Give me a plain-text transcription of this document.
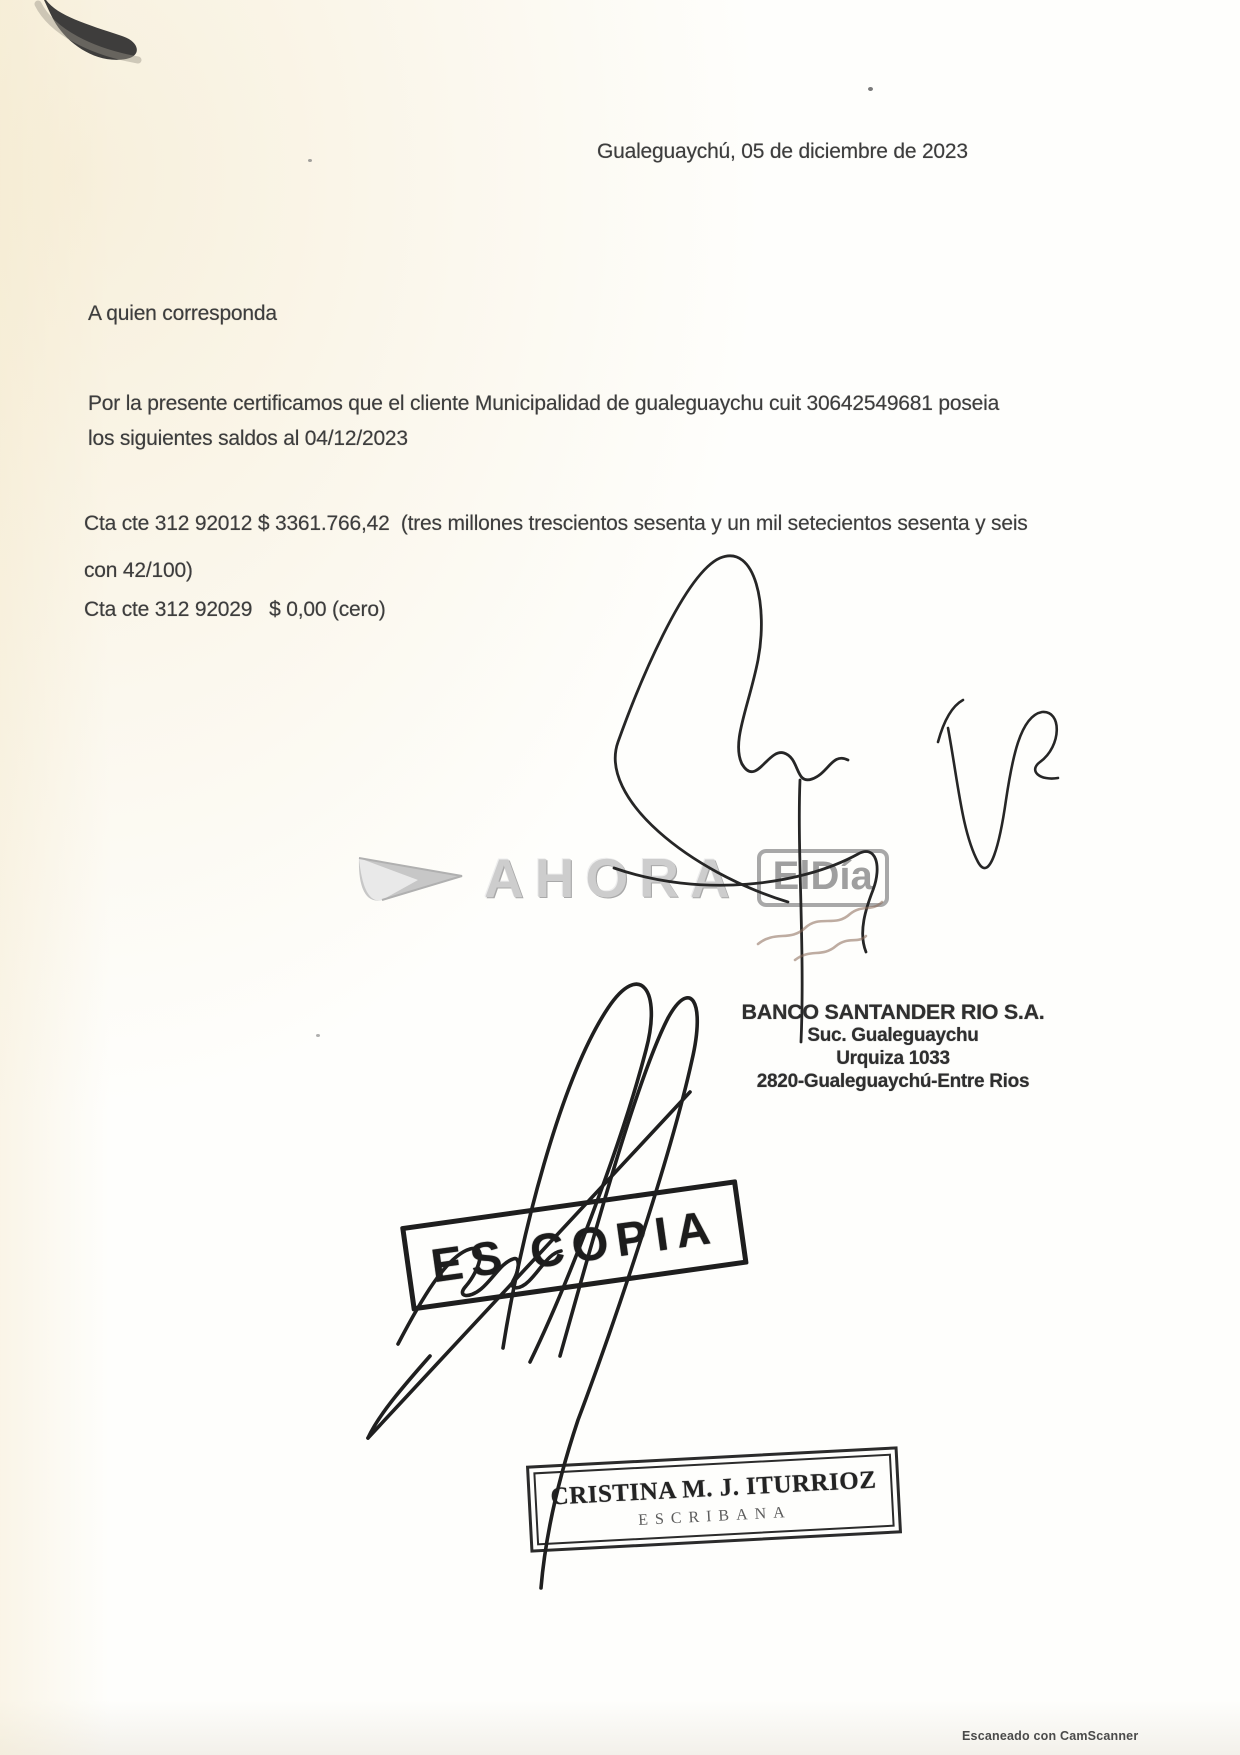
Gualeguaychú, 05 de diciembre de 2023
A quien corresponda
Por la presente certificamos que el cliente Municipalidad de gualeguaychu cuit 30642549681 poseia
los siguientes saldos al 04/12/2023
Cta cte 312 92012 $ 3361.766,42  (tres millones trescientos sesenta y un mil setecientos sesenta y seis
con 42/100)
Cta cte 312 92029   $ 0,00 (cero)
AHORA ElDía
BANCO SANTANDER RIO S.A.
Suc. Gualeguaychu
Urquiza 1033
2820-Gualeguaychú-Entre Rios
ES COPIA
CRISTINA M. J. ITURRIOZ
ESCRIBANA
Escaneado con CamScanner
